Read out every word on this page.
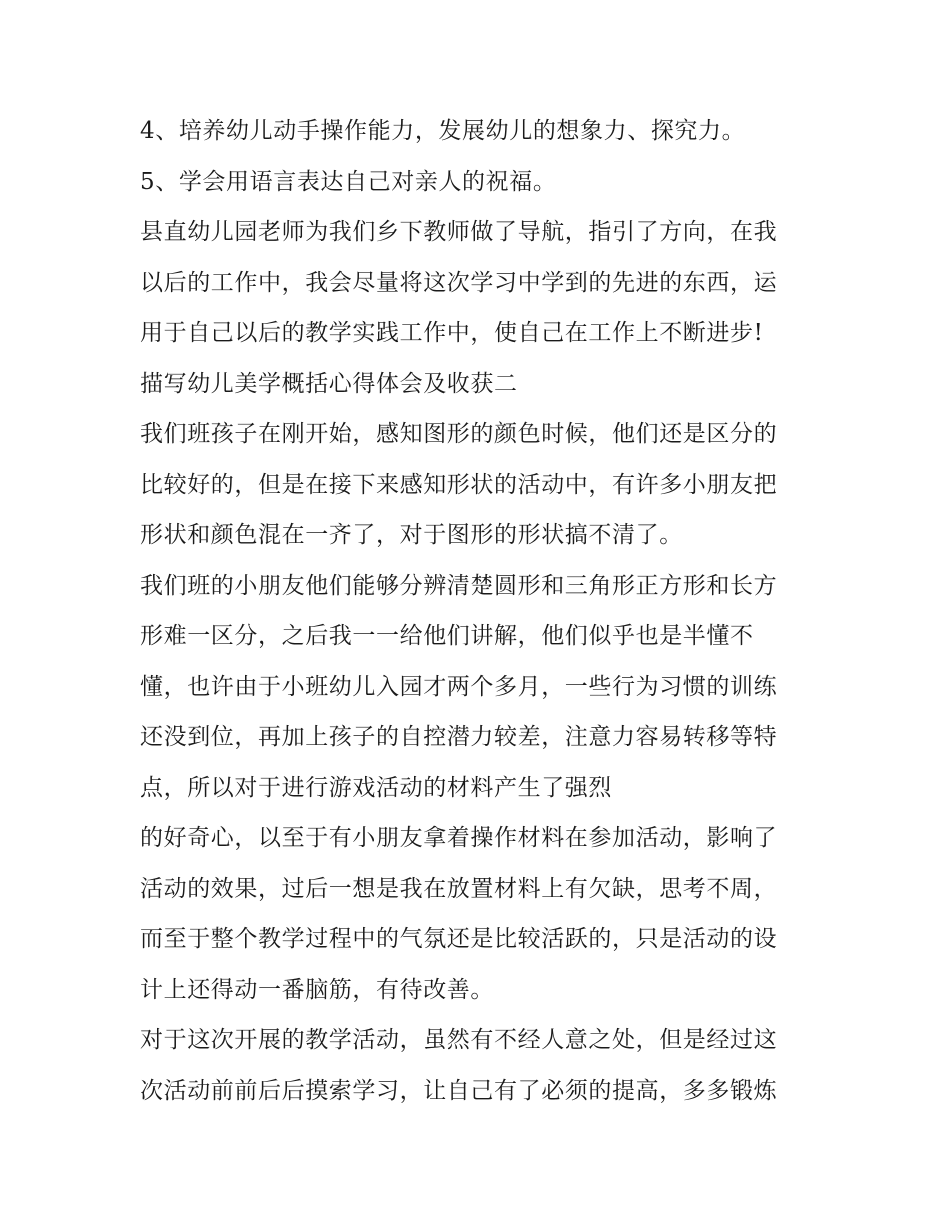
4、培养幼儿动手操作能力，发展幼儿的想象力、探究力。
5、学会用语言表达自己对亲人的祝福。
县直幼儿园老师为我们乡下教师做了导航，指引了方向，在我
以后的工作中，我会尽量将这次学习中学到的先进的东西，运
用于自己以后的教学实践工作中，使自己在工作上不断进步!
描写幼儿美学概括心得体会及收获二
我们班孩子在刚开始，感知图形的颜色时候，他们还是区分的
比较好的，但是在接下来感知形状的活动中，有许多小朋友把
形状和颜色混在一齐了，对于图形的形状搞不清了。
我们班的小朋友他们能够分辨清楚圆形和三角形正方形和长方
形难一区分，之后我一一给他们讲解，他们似乎也是半懂不
懂，也许由于小班幼儿入园才两个多月，一些行为习惯的训练
还没到位，再加上孩子的自控潜力较差，注意力容易转移等特
点，所以对于进行游戏活动的材料产生了强烈
的好奇心，以至于有小朋友拿着操作材料在参加活动，影响了
活动的效果，过后一想是我在放置材料上有欠缺，思考不周，
而至于整个教学过程中的气氛还是比较活跃的，只是活动的设
计上还得动一番脑筋，有待改善。
对于这次开展的教学活动，虽然有不经人意之处，但是经过这
次活动前前后后摸索学习，让自己有了必须的提高，多多锻炼
